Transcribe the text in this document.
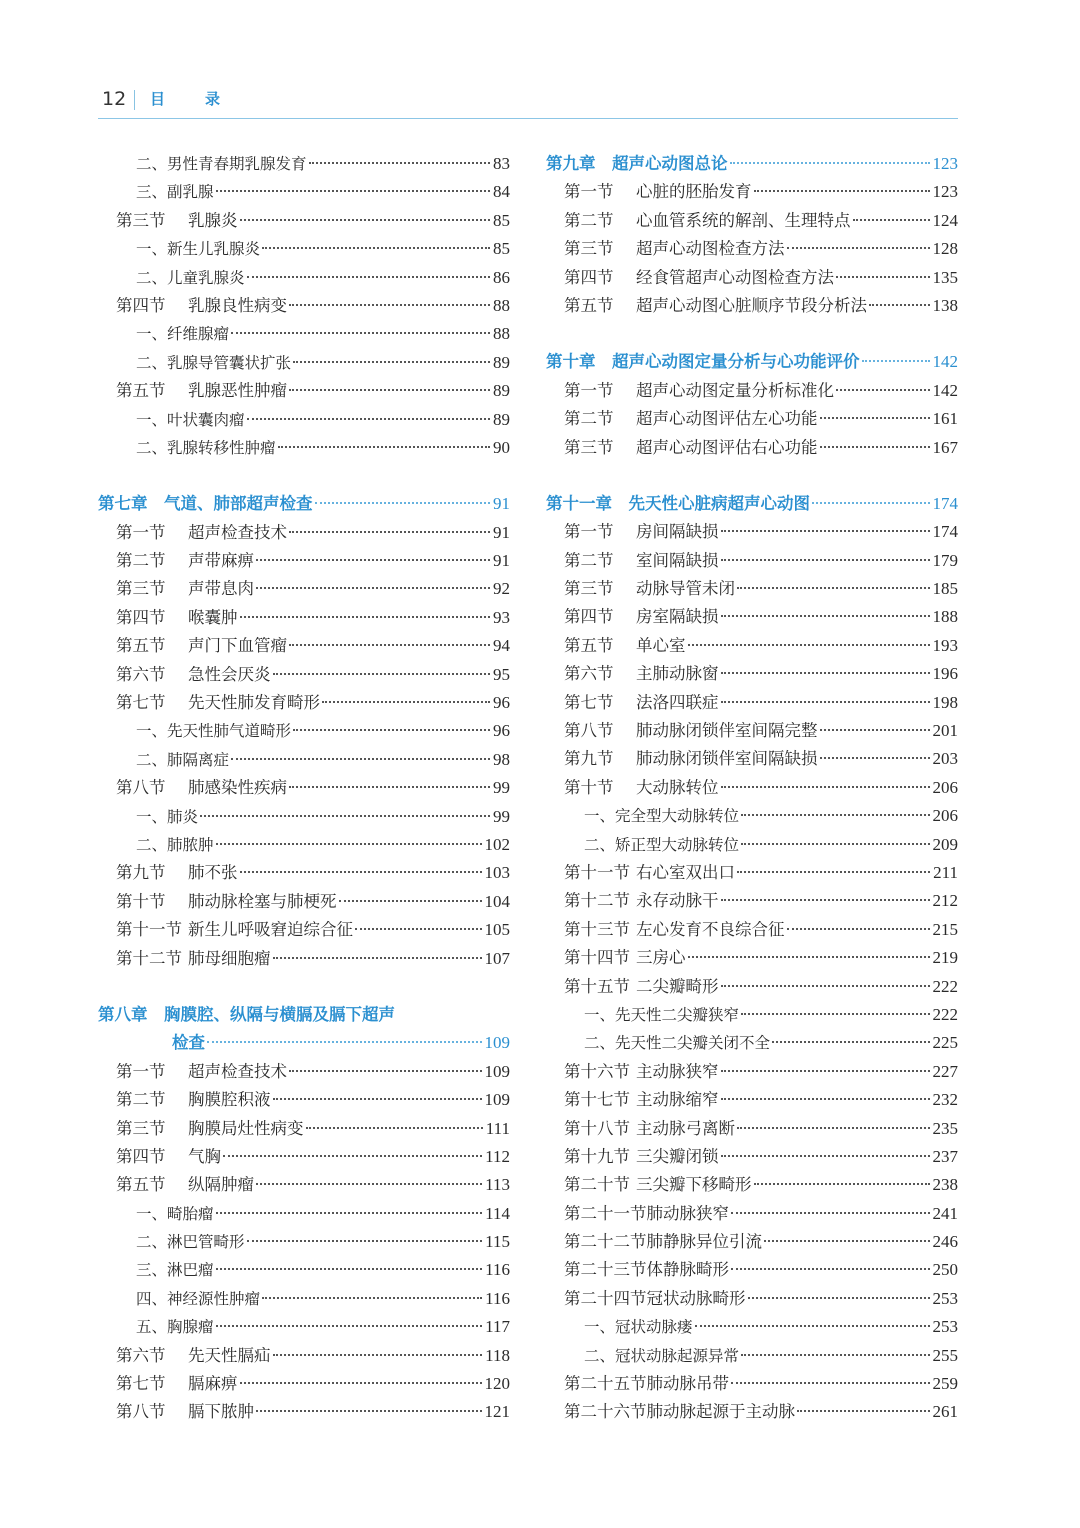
12 目录
二、男性青春期乳腺发育	83
三、副乳腺	84
第三节 乳腺炎	85
一、新生儿乳腺炎	85
二、儿童乳腺炎	86
第四节 乳腺良性病变	88
一、纤维腺瘤	88
二、乳腺导管囊状扩张	89
第五节 乳腺恶性肿瘤	89
一、叶状囊肉瘤	89
二、乳腺转移性肿瘤	90
第七章  气道、肺部超声检查	91
第一节 超声检查技术	91
第二节 声带麻痹	91
第三节 声带息肉	92
第四节 喉囊肿	93
第五节 声门下血管瘤	94
第六节 急性会厌炎	95
第七节 先天性肺发育畸形	96
一、先天性肺气道畸形	96
二、肺隔离症	98
第八节 肺感染性疾病	99
一、肺炎	99
二、肺脓肿	102
第九节 肺不张	103
第十节 肺动脉栓塞与肺梗死	104
第十一节 新生儿呼吸窘迫综合征	105
第十二节 肺母细胞瘤	107
第八章  胸膜腔、纵隔与横膈及膈下超声
检查	109
第一节 超声检查技术	109
第二节 胸膜腔积液	109
第三节 胸膜局灶性病变	111
第四节 气胸	112
第五节 纵隔肿瘤	113
一、畸胎瘤	114
二、淋巴管畸形	115
三、淋巴瘤	116
四、神经源性肿瘤	116
五、胸腺瘤	117
第六节 先天性膈疝	118
第七节 膈麻痹	120
第八节 膈下脓肿	121
第九章  超声心动图总论	123
第一节 心脏的胚胎发育	123
第二节 心血管系统的解剖、生理特点	124
第三节 超声心动图检查方法	128
第四节 经食管超声心动图检查方法	135
第五节 超声心动图心脏顺序节段分析法	138
第十章  超声心动图定量分析与心功能评价	142
第一节 超声心动图定量分析标准化	142
第二节 超声心动图评估左心功能	161
第三节 超声心动图评估右心功能	167
第十一章  先天性心脏病超声心动图	174
第一节 房间隔缺损	174
第二节 室间隔缺损	179
第三节 动脉导管未闭	185
第四节 房室隔缺损	188
第五节 单心室	193
第六节 主肺动脉窗	196
第七节 法洛四联症	198
第八节 肺动脉闭锁伴室间隔完整	201
第九节 肺动脉闭锁伴室间隔缺损	203
第十节 大动脉转位	206
一、完全型大动脉转位	206
二、矫正型大动脉转位	209
第十一节 右心室双出口	211
第十二节 永存动脉干	212
第十三节 左心发育不良综合征	215
第十四节 三房心	219
第十五节 二尖瓣畸形	222
一、先天性二尖瓣狭窄	222
二、先天性二尖瓣关闭不全	225
第十六节 主动脉狭窄	227
第十七节 主动脉缩窄	232
第十八节 主动脉弓离断	235
第十九节 三尖瓣闭锁	237
第二十节 三尖瓣下移畸形	238
第二十一节肺动脉狭窄	241
第二十二节肺静脉异位引流	246
第二十三节体静脉畸形	250
第二十四节冠状动脉畸形	253
一、冠状动脉瘘	253
二、冠状动脉起源异常	255
第二十五节肺动脉吊带	259
第二十六节肺动脉起源于主动脉	261
